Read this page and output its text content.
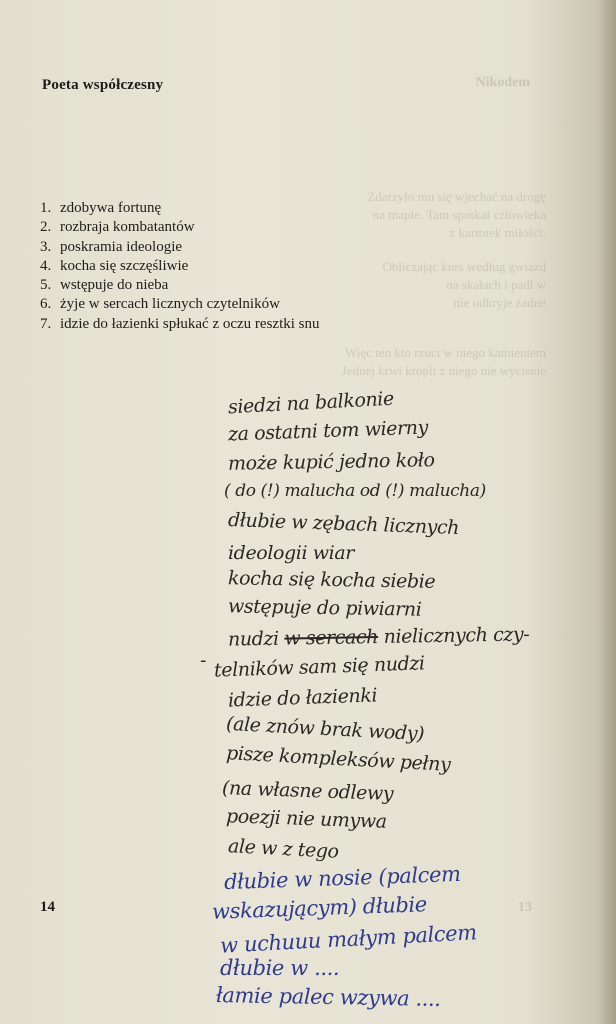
Nikodem
Zdarzyło mu się wjechać na drogę
na mapie. Tam spotkał człowieka
z kartotek miłości.
Obliczając kurs według gwiazd
na skałach i padł w
nie odkryje żadne
Więc ten kto rzuci w niego kamieniem
Jednej krwi kropli z niego nie wycisnie
13
Poeta współczesny
1. zdobywa fortunę
2. rozbraja kombatantów
3. poskramia ideologie
4. kocha się szczęśliwie
5. wstępuje do nieba
6. żyje w sercach licznych czytelników
7. idzie do łazienki spłukać z oczu resztki snu
siedzi na balkonie
za ostatni tom wierny
może kupić jedno koło
( do (!) malucha od (!) malucha)
dłubie w zębach licznych
ideologii wiar
kocha się kocha siebie
wstępuje do piwiarni
nudzi w sercach nielicznych czy-
- telników sam się nudzi
idzie do łazienki
(ale znów brak wody)
pisze kompleksów pełny
(na własne odlewy
poezji nie umywa
ale w z tego
dłubie w nosie (palcem
wskazującym) dłubie
w uchuuu małym palcem
dłubie w ....
łamie palec wzywa ....
14
